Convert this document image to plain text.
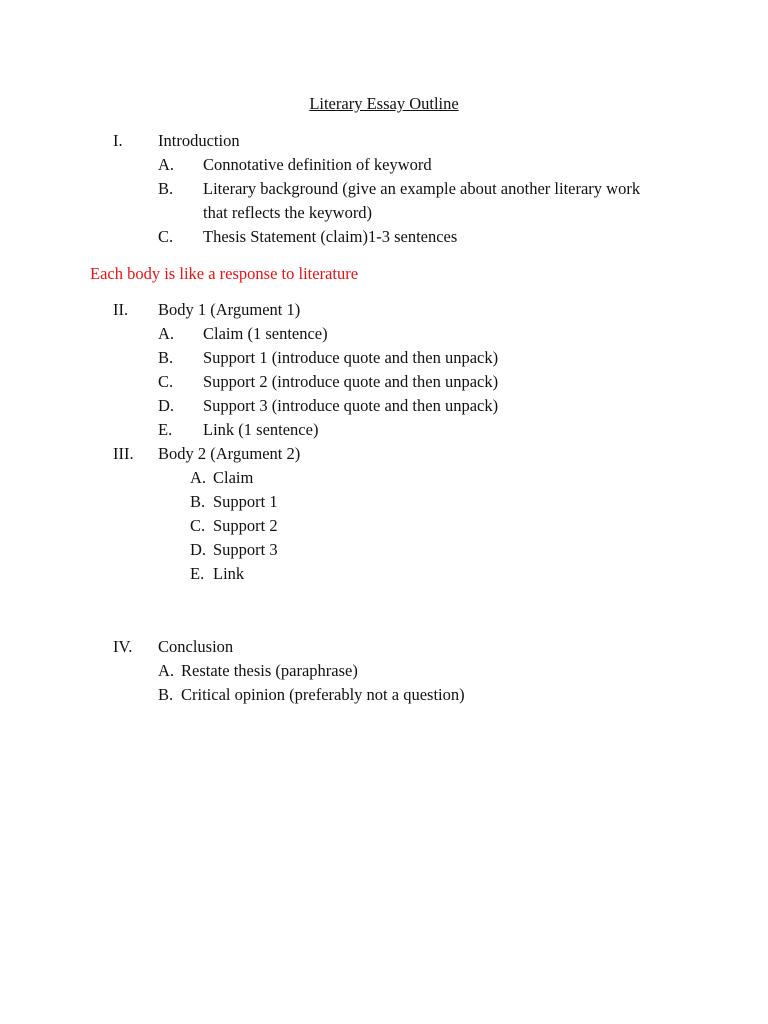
Literary Essay Outline
I. Introduction
A. Connotative definition of keyword
B. Literary background (give an example about another literary work
that reflects the keyword)
C. Thesis Statement (claim)1-3 sentences
Each body is like a response to literature
II. Body 1 (Argument 1)
A. Claim (1 sentence)
B. Support 1 (introduce quote and then unpack)
C. Support 2 (introduce quote and then unpack)
D. Support 3 (introduce quote and then unpack)
E. Link (1 sentence)
III. Body 2 (Argument 2)
A. Claim
B. Support 1
C. Support 2
D. Support 3
E. Link
IV. Conclusion
A. Restate thesis (paraphrase)
B. Critical opinion (preferably not a question)
